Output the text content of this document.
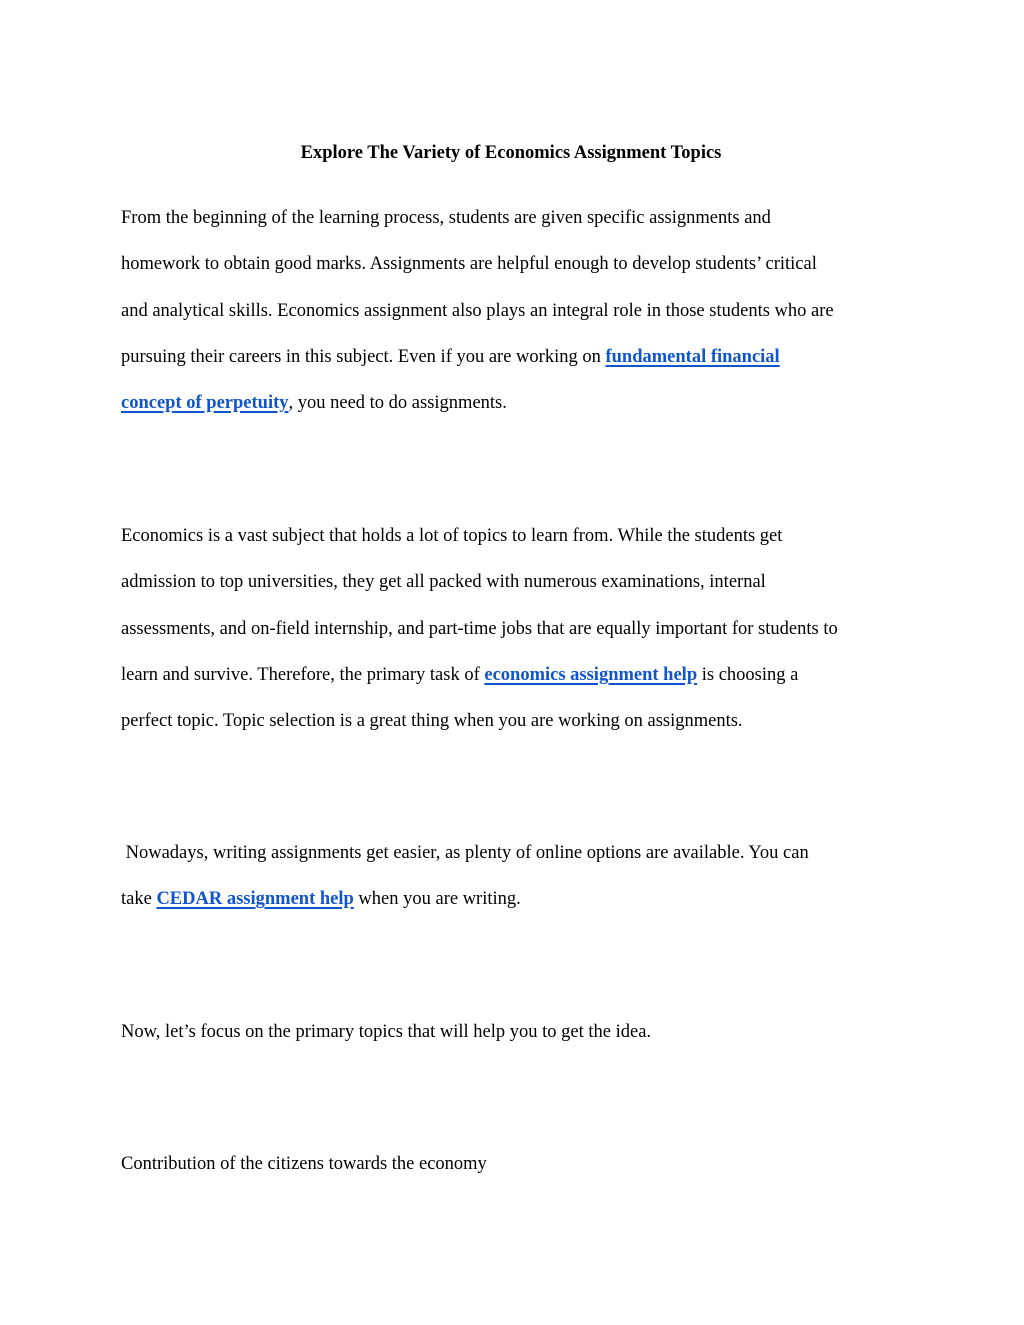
Explore The Variety of Economics Assignment Topics
From the beginning of the learning process, students are given specific assignments and
homework to obtain good marks. Assignments are helpful enough to develop students’ critical
and analytical skills. Economics assignment also plays an integral role in those students who are
pursuing their careers in this subject. Even if you are working on fundamental financial
concept of perpetuity, you need to do assignments.
Economics is a vast subject that holds a lot of topics to learn from. While the students get
admission to top universities, they get all packed with numerous examinations, internal
assessments, and on-field internship, and part-time jobs that are equally important for students to
learn and survive. Therefore, the primary task of economics assignment help is choosing a
perfect topic. Topic selection is a great thing when you are working on assignments.
Nowadays, writing assignments get easier, as plenty of online options are available. You can
take CEDAR assignment help when you are writing.
Now, let’s focus on the primary topics that will help you to get the idea.
Contribution of the citizens towards the economy
